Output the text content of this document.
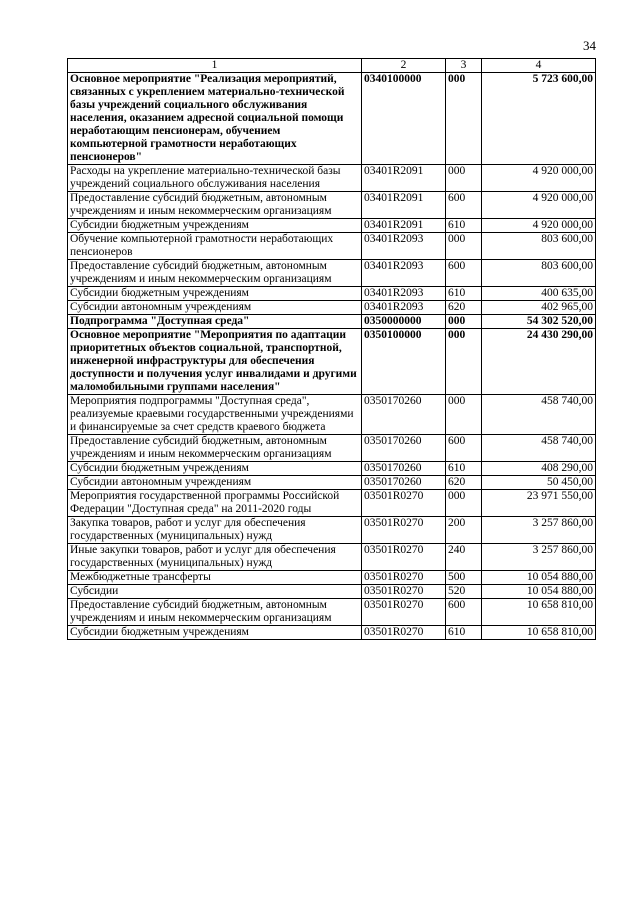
34
1	2	3	4
Основное мероприятие "Реализация мероприятий, связанных с укреплением материально-технической базы учреждений социального обслуживания населения, оказанием адресной социальной помощи неработающим пенсионерам, обучением компьютерной грамотности неработающих пенсионеров"	0340100000	000	5 723 600,00
Расходы на укрепление материально-технической базы учреждений социального обслуживания населения	03401R2091	000	4 920 000,00
Предоставление субсидий бюджетным, автономным учреждениям и иным некоммерческим организациям	03401R2091	600	4 920 000,00
Субсидии бюджетным учреждениям	03401R2091	610	4 920 000,00
Обучение компьютерной грамотности неработающих пенсионеров	03401R2093	000	803 600,00
Предоставление субсидий бюджетным, автономным учреждениям и иным некоммерческим организациям	03401R2093	600	803 600,00
Субсидии бюджетным учреждениям	03401R2093	610	400 635,00
Субсидии автономным учреждениям	03401R2093	620	402 965,00
Подпрограмма "Доступная среда"	0350000000	000	54 302 520,00
Основное мероприятие "Мероприятия по адаптации приоритетных объектов социальной, транспортной, инженерной инфраструктуры для обеспечения доступности и получения услуг инвалидами и другими маломобильными группами населения"	0350100000	000	24 430 290,00
Мероприятия подпрограммы "Доступная среда", реализуемые краевыми государственными учреждениями и финансируемые за счет средств краевого бюджета	0350170260	000	458 740,00
Предоставление субсидий бюджетным, автономным учреждениям и иным некоммерческим организациям	0350170260	600	458 740,00
Субсидии бюджетным учреждениям	0350170260	610	408 290,00
Субсидии автономным учреждениям	0350170260	620	50 450,00
Мероприятия государственной программы Российской Федерации "Доступная среда" на 2011-2020 годы	03501R0270	000	23 971 550,00
Закупка товаров, работ и услуг для обеспечения государственных (муниципальных) нужд	03501R0270	200	3 257 860,00
Иные закупки товаров, работ и услуг для обеспечения государственных (муниципальных) нужд	03501R0270	240	3 257 860,00
Межбюджетные трансферты	03501R0270	500	10 054 880,00
Субсидии	03501R0270	520	10 054 880,00
Предоставление субсидий бюджетным, автономным учреждениям и иным некоммерческим организациям	03501R0270	600	10 658 810,00
Субсидии бюджетным учреждениям	03501R0270	610	10 658 810,00
